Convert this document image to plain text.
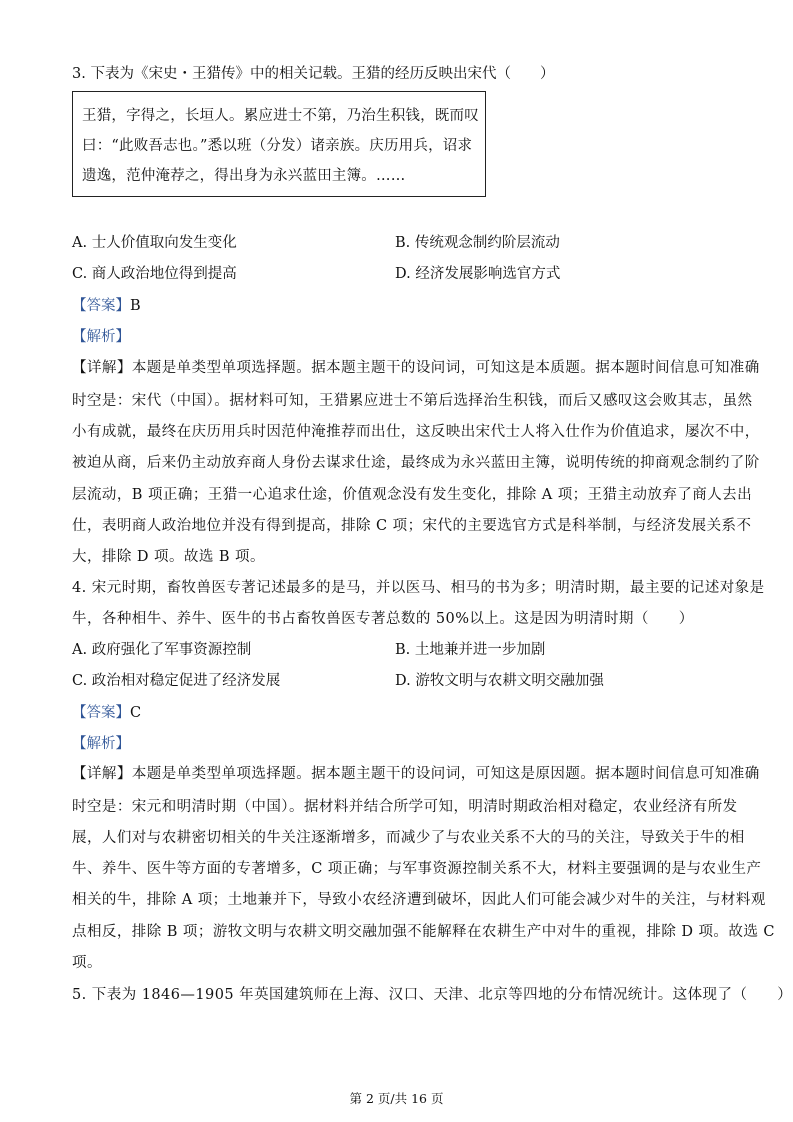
3. 下表为《宋史・王猎传》中的相关记载。王猎的经历反映出宋代（　　）
王猎，字得之，长垣人。累应进士不第，乃治生积钱，既而叹
曰：“此败吾志也。”悉以班（分发）诸亲族。庆历用兵，诏求
遗逸，范仲淹荐之，得出身为永兴蓝田主簿。……
A. 士人价值取向发生变化	B. 传统观念制约阶层流动
C. 商人政治地位得到提高	D. 经济发展影响选官方式
【答案】B
【解析】
【详解】本题是单类型单项选择题。据本题主题干的设问词，可知这是本质题。据本题时间信息可知准确
时空是：宋代（中国）。据材料可知，王猎累应进士不第后选择治生积钱，而后又感叹这会败其志，虽然
小有成就，最终在庆历用兵时因范仲淹推荐而出仕，这反映出宋代士人将入仕作为价值追求，屡次不中，
被迫从商，后来仍主动放弃商人身份去谋求仕途，最终成为永兴蓝田主簿，说明传统的抑商观念制约了阶
层流动，B 项正确；王猎一心追求仕途，价值观念没有发生变化，排除 A 项；王猎主动放弃了商人去出
仕，表明商人政治地位并没有得到提高，排除 C 项；宋代的主要选官方式是科举制，与经济发展关系不
大，排除 D 项。故选 B 项。
4. 宋元时期，畜牧兽医专著记述最多的是马，并以医马、相马的书为多；明清时期，最主要的记述对象是
牛，各种相牛、养牛、医牛的书占畜牧兽医专著总数的 50%以上。这是因为明清时期（　　）
A. 政府强化了军事资源控制	B. 土地兼并进一步加剧
C. 政治相对稳定促进了经济发展	D. 游牧文明与农耕文明交融加强
【答案】C
【解析】
【详解】本题是单类型单项选择题。据本题主题干的设问词，可知这是原因题。据本题时间信息可知准确
时空是：宋元和明清时期（中国）。据材料并结合所学可知，明清时期政治相对稳定，农业经济有所发
展，人们对与农耕密切相关的牛关注逐渐增多，而减少了与农业关系不大的马的关注，导致关于牛的相
牛、养牛、医牛等方面的专著增多，C 项正确；与军事资源控制关系不大，材料主要强调的是与农业生产
相关的牛，排除 A 项；土地兼并下，导致小农经济遭到破坏，因此人们可能会减少对牛的关注，与材料观
点相反，排除 B 项；游牧文明与农耕文明交融加强不能解释在农耕生产中对牛的重视，排除 D 项。故选 C
项。
5. 下表为 1846—1905 年英国建筑师在上海、汉口、天津、北京等四地的分布情况统计。这体现了（　　）
第 2 页/共 16 页
